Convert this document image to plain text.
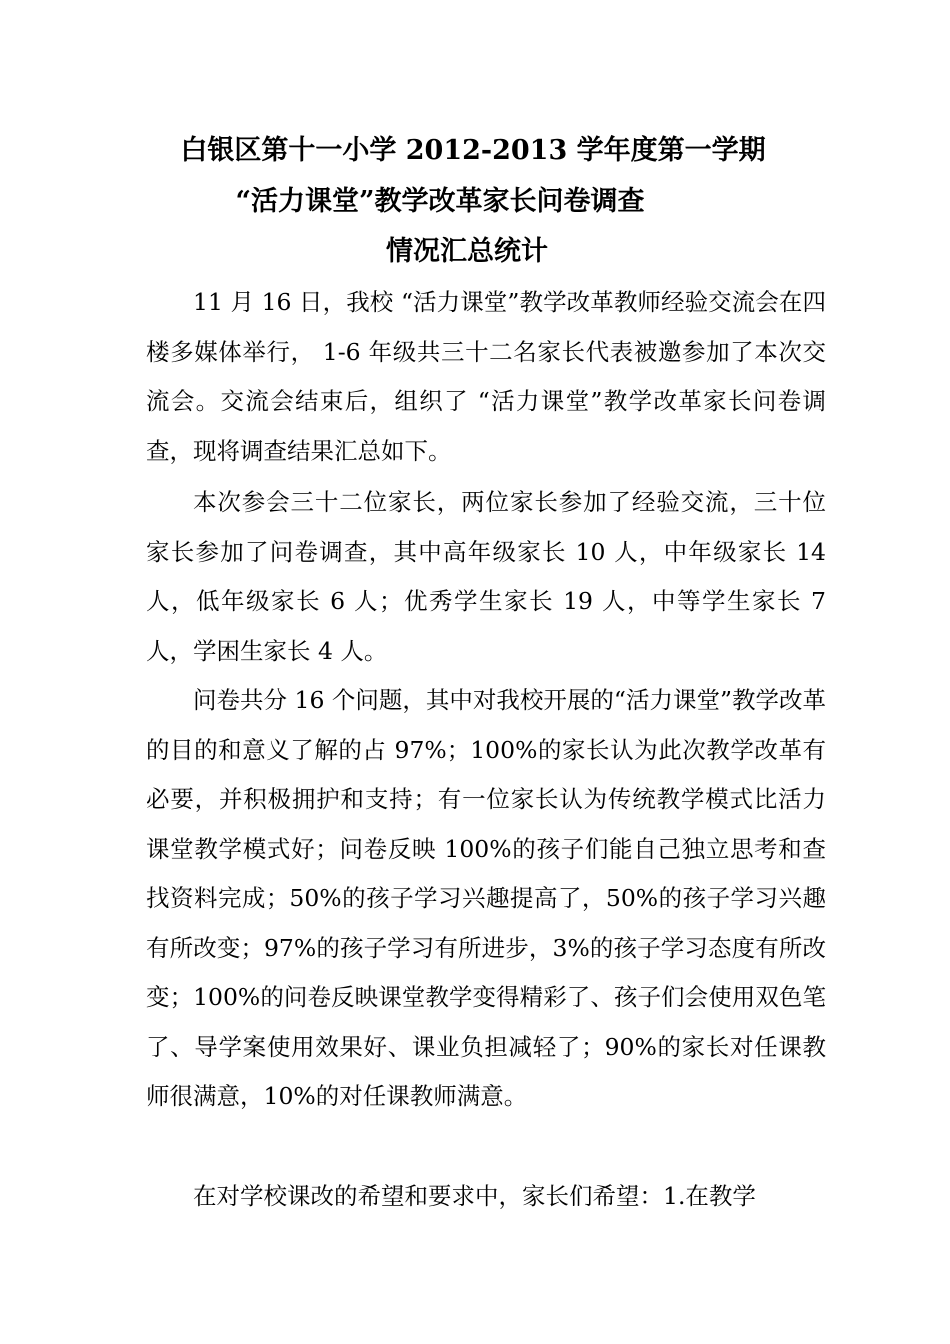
白银区第十一小学 2012-2013 学年度第一学期
“活力课堂”教学改革家长问卷调查
情况汇总统计

11 月 16 日，我校 “活力课堂”教学改革教师经验交流会在四楼多媒体举行， 1-6 年级共三十二名家长代表被邀参加了本次交流会。交流会结束后，组织了 “活力课堂”教学改革家长问卷调查，现将调查结果汇总如下。

本次参会三十二位家长，两位家长参加了经验交流，三十位家长参加了问卷调查，其中高年级家长 10 人，中年级家长 14 人，低年级家长 6 人；优秀学生家长 19 人，中等学生家长 7 人，学困生家长 4 人。

问卷共分 16 个问题，其中对我校开展的“活力课堂”教学改革的目的和意义了解的占 97%；100%的家长认为此次教学改革有必要，并积极拥护和支持；有一位家长认为传统教学模式比活力课堂教学模式好；问卷反映 100%的孩子们能自己独立思考和查找资料完成；50%的孩子学习兴趣提高了，50%的孩子学习兴趣有所改变；97%的孩子学习有所进步，3%的孩子学习态度有所改变；100%的问卷反映课堂教学变得精彩了、孩子们会使用双色笔了、导学案使用效果好、课业负担减轻了；90%的家长对任课教师很满意，10%的对任课教师满意。

在对学校课改的希望和要求中，家长们希望：1.在教学
